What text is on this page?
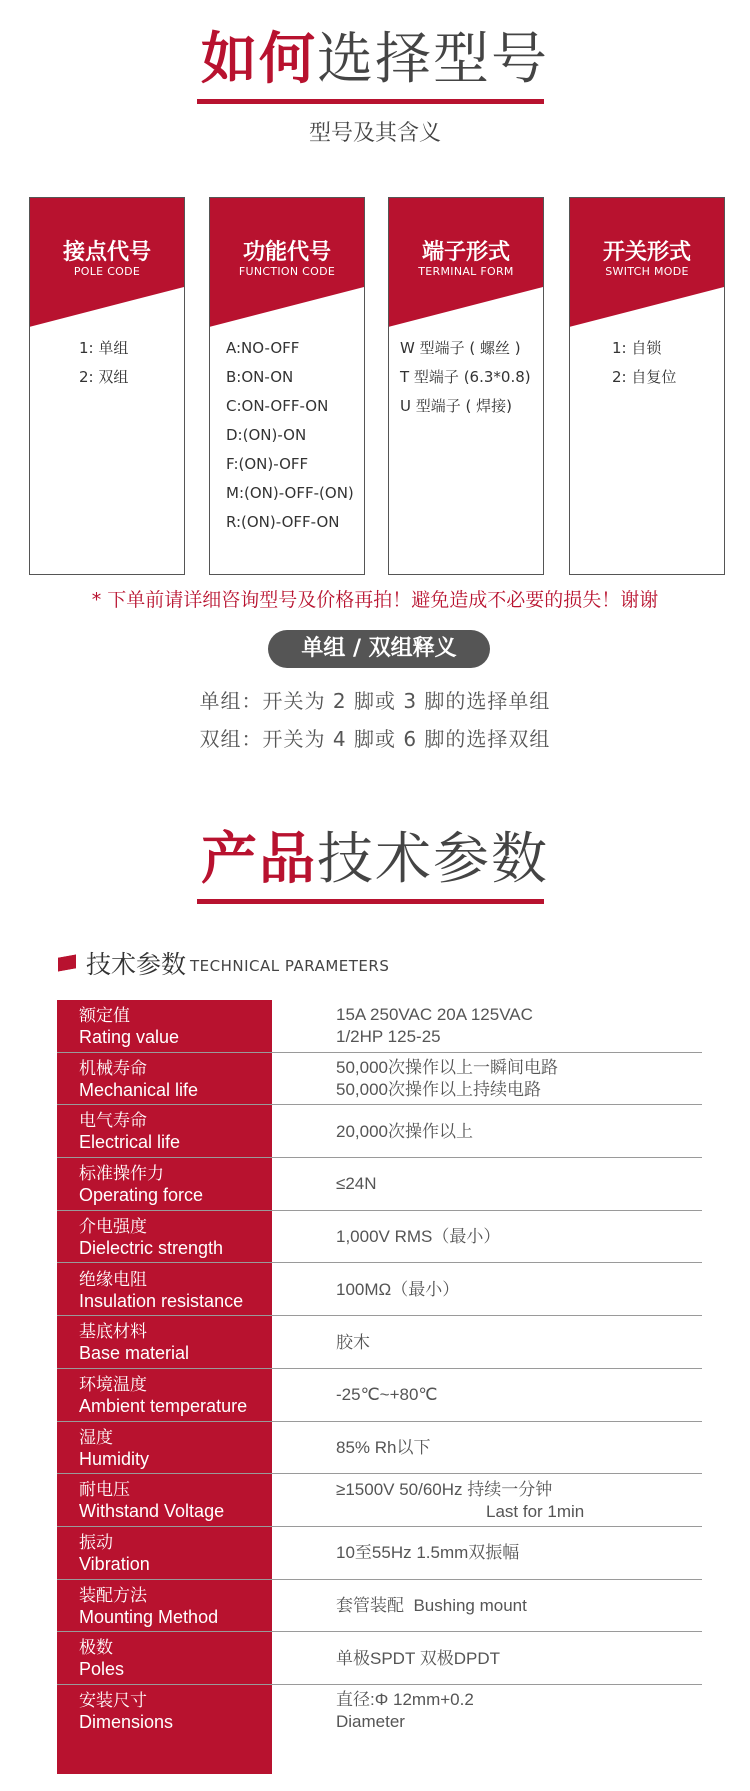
如何选择型号
型号及其含义
接点代号
POLE CODE
1: 单组
2: 双组
功能代号
FUNCTION CODE
A:NO-OFF
B:ON-ON
C:ON-OFF-ON
D:(ON)-ON
F:(ON)-OFF
M:(ON)-OFF-(ON)
R:(ON)-OFF-ON
端子形式
TERMINAL FORM
W 型端子 ( 螺丝 )
T 型端子 (6.3*0.8)
U 型端子 ( 焊接)
开关形式
SWITCH MODE
1: 自锁
2: 自复位
* 下单前请详细咨询型号及价格再拍！避免造成不必要的损失！谢谢
单组 / 双组释义
单组：开关为 2 脚或 3 脚的选择单组
双组：开关为 4 脚或 6 脚的选择双组
产品技术参数
技术参数 TECHNICAL PARAMETERS
额定值
Rating value
15A 250VAC 20A 125VAC
1/2HP 125-25
机械寿命
Mechanical life
50,000次操作以上一瞬间电路
50,000次操作以上持续电路
电气寿命
Electrical life
20,000次操作以上
标准操作力
Operating force
≤24N
介电强度
Dielectric strength
1,000V RMS（最小）
绝缘电阻
Insulation resistance
100MΩ（最小）
基底材料
Base material
胶木
环境温度
Ambient temperature
-25℃~+80℃
湿度
Humidity
85% Rh以下
耐电压
Withstand Voltage
≥1500V 50/60Hz 持续一分钟
Last for 1min
振动
Vibration
10至55Hz 1.5mm双振幅
装配方法
Mounting Method
套管装配  Bushing mount
极数
Poles
单极SPDT 双极DPDT
安装尺寸
Dimensions
直径:Φ 12mm+0.2
Diameter
